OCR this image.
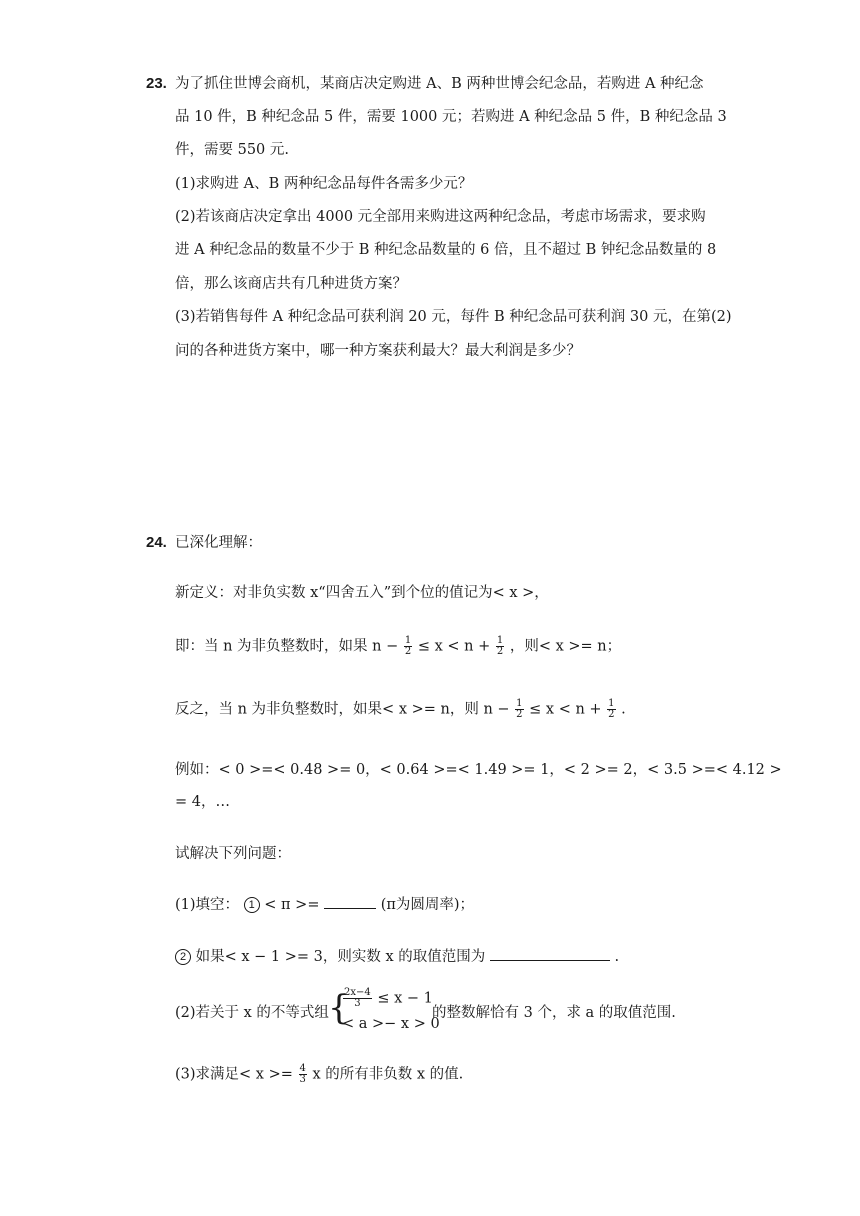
23. 为了抓住世博会商机，某商店决定购进 A、B 两种世博会纪念品，若购进 A 种纪念
品 10 件，B 种纪念品 5 件，需要 1000 元；若购进 A 种纪念品 5 件，B 种纪念品 3
件，需要 550 元.
(1)求购进 A、B 两种纪念品每件各需多少元？
(2)若该商店决定拿出 4000 元全部用来购进这两种纪念品，考虑市场需求，要求购
进 A 种纪念品的数量不少于 B 种纪念品数量的 6 倍，且不超过 B 钟纪念品数量的 8
倍，那么该商店共有几种进货方案？
(3)若销售每件 A 种纪念品可获利润 20 元，每件 B 种纪念品可获利润 30 元，在第(2)
问的各种进货方案中，哪一种方案获利最大？最大利润是多少？
24. 已深化理解：
新定义：对非负实数 x“四舍五入”到个位的值记为< x >，
即：当 n 为非负整数时，如果 $n - \frac{1}{2} \le x < n + \frac{1}{2}$ ，则< x >= n；
反之，当 n 为非负整数时，如果< x >= n，则 $n - \frac{1}{2} \le x < n + \frac{1}{2}$ .
例如：< 0 >=< 0.48 >= 0，< 0.64 >=< 1.49 >= 1，< 2 >= 2，< 3.5 >=< 4.12 >
= 4，…
试解决下列问题：
(1)填空： 1 < π >=	(π为圆周率)；
2 如果< x − 1 >= 3，则实数 x 的取值范围为	.
(2)若关于 x 的不等式组 {
$\frac{2x-4}{3} \le x - 1$
< a >− x > 0
的整数解恰有 3 个，求 a 的取值范围.
(3)求满足< $x >= \frac{4}{3}$ x 的所有非负数 x 的值.
